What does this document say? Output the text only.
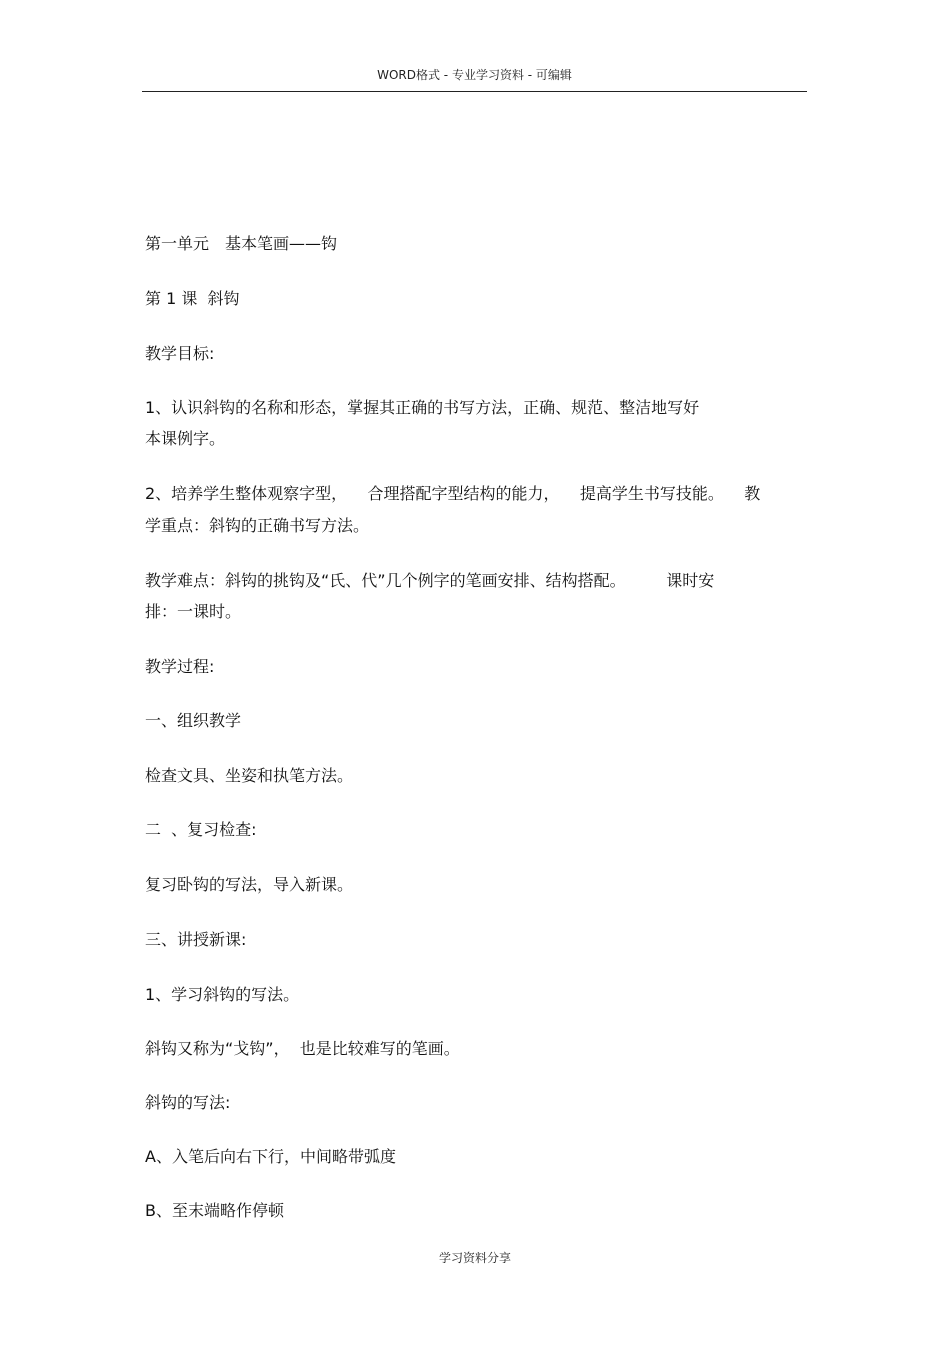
WORD格式 - 专业学习资料 - 可编辑
第一单元　基本笔画——钩
第 1 课  斜钩
教学目标:
1、认识斜钩的名称和形态，掌握其正确的书写方法，正确、规范、整洁地写好
本课例字。
2、培养学生整体观察字型，    合理搭配字型结构的能力，    提高学生书写技能。    教
学重点：斜钩的正确书写方法。
教学难点：斜钩的挑钩及“氏、代”几个例字的笔画安排、结构搭配。        课时安
排：一课时。
教学过程:
一、组织教学
检查文具、坐姿和执笔方法。
二  、复习检查:
复习卧钩的写法，导入新课。
三、讲授新课:
1、学习斜钩的写法。
斜钩又称为“戈钩”，  也是比较难写的笔画。
斜钩的写法:
A、入笔后向右下行，中间略带弧度
B、至末端略作停顿
学习资料分享
